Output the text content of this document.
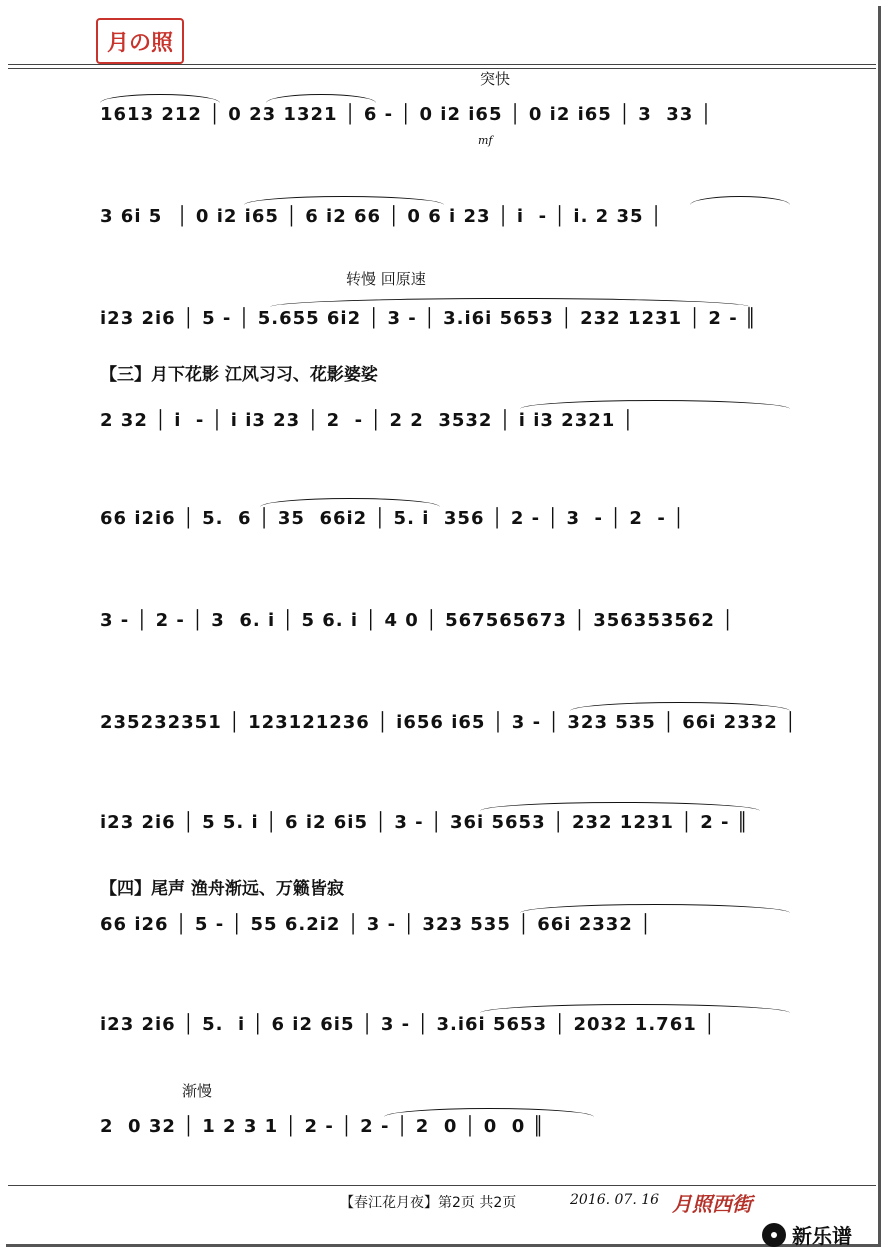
月の照
突快
mf
转慢 回原速
渐慢
【三】月下花影 江风习习、花影婆娑
【四】尾声 渔舟渐远、万籁皆寂
1613 212 │ 0 23 1321 │ 6 - │ 0 i2 i65 │ 0 i2 i65 │ 3  33 │
3 6i 5  │ 0 i2 i65 │ 6 i2 66 │ 0 6 i 23 │ i  - │ i. 2 35 │
i23 2i6 │ 5 - │ 5.655 6i2 │ 3 - │ 3.i6i 5653 │ 232 1231 │ 2 - ║
2 32 │ i  - │ i i3 23 │ 2  - │ 2 2  3532 │ i i3 2321 │
66 i2i6 │ 5.  6 │ 35  66i2 │ 5. i  356 │ 2 - │ 3  - │ 2  - │
3 - │ 2 - │ 3  6. i │ 5 6. i │ 4 0 │ 567565673 │ 356353562 │
235232351 │ 123121236 │ i656 i65 │ 3 - │ 323 535 │ 66i 2332 │
i23 2i6 │ 5 5. i │ 6 i2 6i5 │ 3 - │ 36i 5653 │ 232 1231 │ 2 - ║
66 i26 │ 5 - │ 55 6.2i2 │ 3 - │ 323 535 │ 66i 2332 │
i23 2i6 │ 5.  i │ 6 i2 6i5 │ 3 - │ 3.i6i 5653 │ 2032 1.761 │
2  0 32 │ 1 2 3 1 │ 2 - │ 2 - │ 2  0 │ 0  0 ║
【春江花月夜】第2页 共2页	2016. 07. 16 月照西街
新乐谱
